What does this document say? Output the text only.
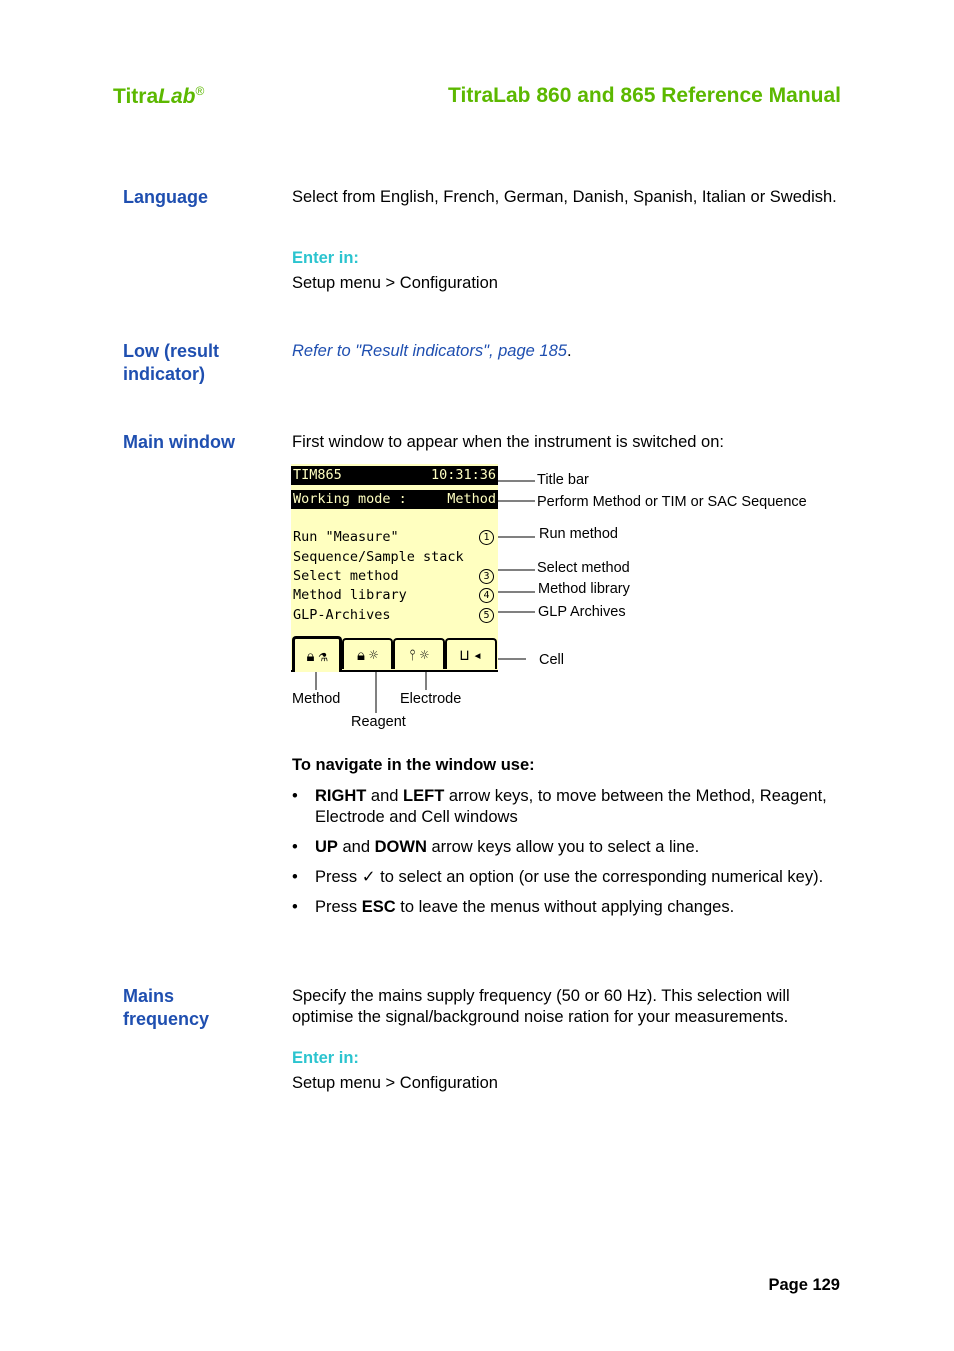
TitraLab®	TitraLab 860 and 865 Reference Manual
Language	Select from English, French, German, Danish, Spanish, Italian or Swedish.
Enter in:
Setup menu > Configuration
Low (result
indicator)
Refer to "Result indicators", page 185.
Main window	First window to appear when the instrument is switched on:
TIM865	10:31:36
Working mode :	Method
Run "Measure"	1
Sequence/Sample stack
Select method	3
Method library	4
GLP-Archives	5
🔒︎ ⚗ 🔒︎ ☼ ⫯ ☼ ⊔ ◂
Title bar
Perform Method or TIM or SAC Sequence
Run method
Select method
Method library
GLP Archives
Cell
Method	Electrode
Reagent
To navigate in the window use:
• RIGHT and LEFT arrow keys, to move between the Method, Reagent, Electrode and Cell windows
• UP and DOWN arrow keys allow you to select a line.
• Press ✓ to select an option (or use the corresponding numerical key).
• Press ESC to leave the menus without applying changes.
Mains
frequency
Specify the mains supply frequency (50 or 60 Hz). This selection will optimise the signal/background noise ration for your measurements.
Enter in:
Setup menu > Configuration
Page 129
